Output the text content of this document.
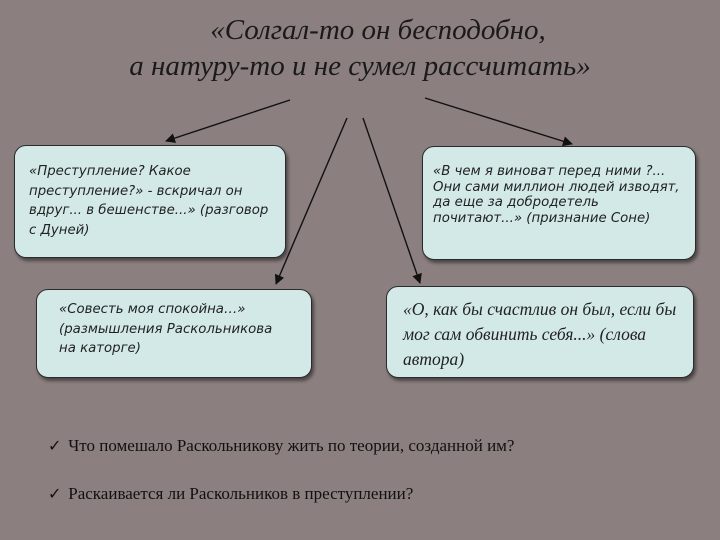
«Солгал-то он бесподобно,
а натуру-то и не сумел рассчитать»
«Преступление? Какое преступление?» - вскричал он вдруг... в бешенстве...» (разговор с Дуней)
«В чем я виноват перед ними ?... Они сами миллион людей изводят, да еще за добродетель почитают...» (признание Соне)
«Совесть моя спокойна…» (размышления Раскольникова на каторге)
«О, как бы счастлив он был, если бы мог сам обвинить себя...» (слова автора)
✓ Что помешало Раскольникову жить по теории, созданной им?
✓ Раскаивается ли Раскольников в преступлении?
